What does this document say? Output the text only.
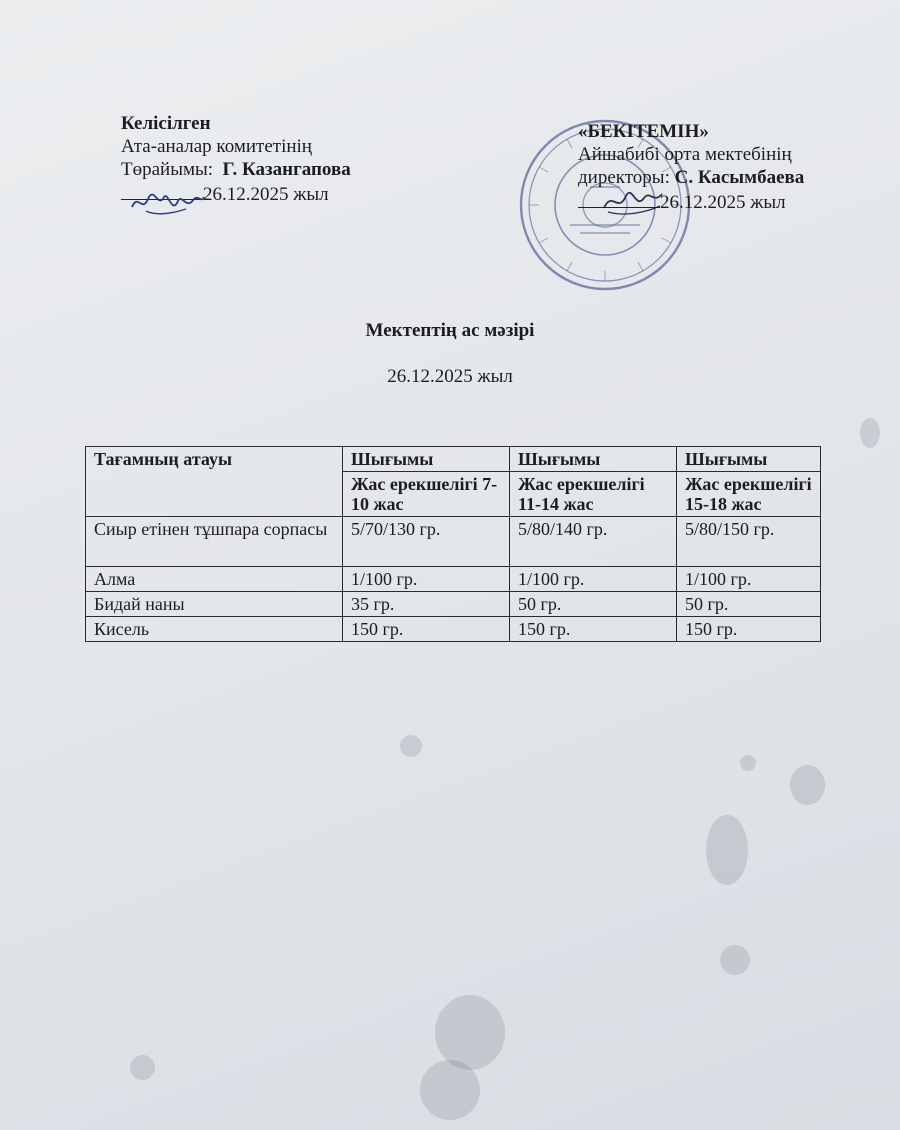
Келісілген
Ата-аналар комитетінің
Төрайымы: Г. Казангапова
26.12.2025 жыл
«БЕКІТЕМІН»
Айшабибі орта мектебінің
директоры: С. Касымбаева
26.12.2025 жыл
Мектептің ас мәзірі
26.12.2025 жыл
Тағамның атауы	Шығымы	Шығымы	Шығымы
	Жас ерекшелігі 7-10 жас	Жас ерекшелігі 11-14 жас	Жас ерекшелігі 15-18 жас
Сиыр етінен тұшпара сорпасы	5/70/130 гр.	5/80/140 гр.	5/80/150 гр.
Алма	1/100 гр.	1/100 гр.	1/100 гр.
Бидай наны	35 гр.	50 гр.	50 гр.
Кисель	150 гр.	150 гр.	150 гр.
